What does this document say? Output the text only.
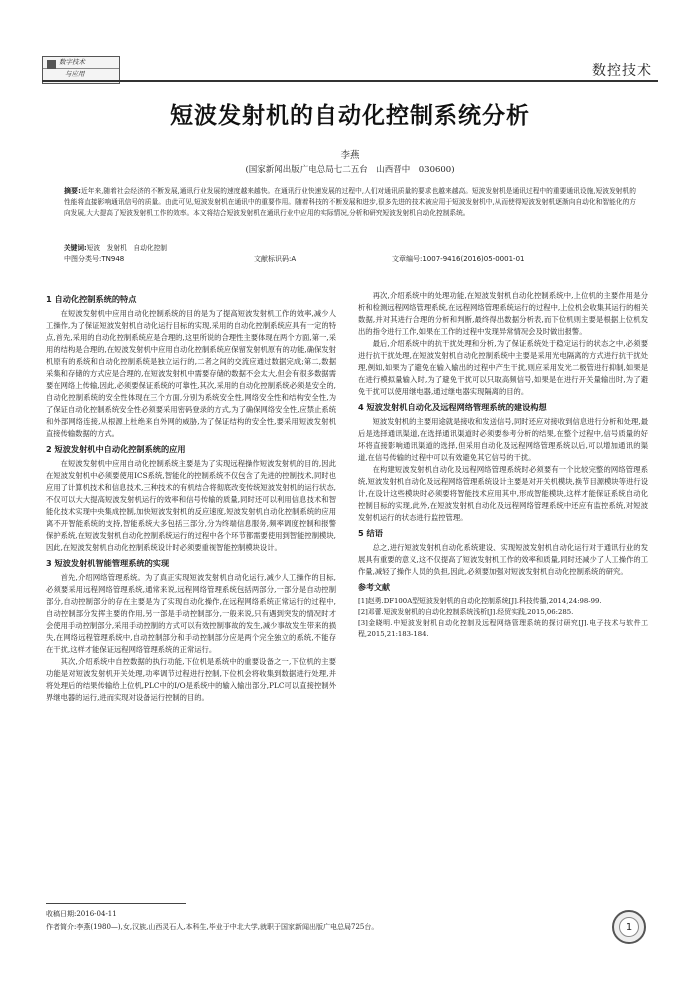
数字技术
与应用	数控技术
短波发射机的自动化控制系统分析
李燕
(国家新闻出版广电总局七二五台　山西晋中　030600)
摘要:近年来,随着社会经济的不断发展,通讯行业发展的速度越来越快。在通讯行业快速发展的过程中,人们对通讯质量的要求也越来越高。短波发射机是通讯过程中的重要通讯设施,短波发射机的性能将直接影响通讯信号的质量。由此可见,短波发射机在通讯中的重要作用。随着科技的不断发展和进步,很多先进的技术被应用于短波发射机中,从而使得短波发射机逐渐向自动化和智能化的方向发展,大大提高了短波发射机工作的效率。本文将结合短波发射机在通讯行业中应用的实际情况,分析和研究短波发射机自动化控制系统。
关键词:短波　发射机　自动化控制
中图分类号:TN948	文献标识码:A	文章编号:1007-9416(2016)05-0001-01
1 自动化控制系统的特点

在短波发射机中应用自动化控制系统的目的是为了提高短波发射机工作的效率,减少人工操作,为了保证短波发射机自动化运行目标的实现,采用的自动化控制系统应具有一定的特点,首先,采用的自动化控制系统应是合理的,这里所说的合理性主要体现在两个方面,第一,采用的结构是合理的,在短波发射机中应用自动化控制系统应保留发射机原有的功能,确保发射机原有的系统和自动化控制系统是独立运行的,二者之间的交流应通过数据完成;第二,数据采集和存储的方式应是合理的,在短波发射机中需要存储的数据不会太大,但会有很多数据需要在网络上传输,因此,必须要保证系统的可靠性,其次,采用的自动化控制系统必须是安全的,自动化控制系统的安全性体现在三个方面,分别为系统安全性,网络安全性和结构安全性,为了保证自动化控制系统安全性必须要采用密码登录的方式,为了确保网络安全性,应禁止系统和外部网络连接,从根源上杜绝来自外网的威胁,为了保证结构的安全性,要采用短波发射机直接传输数据的方式。

2 短波发射机中自动化控制系统的应用

在短波发射机中应用自动化控制系统主要是为了实现远程操作短波发射机的目的,因此在短波发射机中必须要使用ICS系统,智能化的控制系统不仅包含了先进的控制技术,同时也应用了计算机技术和信息技术,三种技术的有机结合将彻底改变传统短波发射机的运行状态,不仅可以大大提高短波发射机运行的效率和信号传输的质量,同时还可以利用信息技术和智能化技术实现中央集成控制,加快短波发射机的反应速度,短波发射机自动化控制系统的应用离不开智能系统的支持,智能系统大多包括三部分,分为终端信息服务,频率调度控制和报警保护系统,在短波发射机自动化控制系统运行的过程中各个环节都需要使用到智能控制模块,因此,在短波发射机自动化控制系统设计时必须要重视智能控制模块设计。

3 短波发射机智能管理系统的实现

首先,介绍网络管理系统。为了真正实现短波发射机自动化运行,减少人工操作的目标,必须要采用远程网络管理系统,通常来说,远程网络管理系统包括两部分,一部分是自动控制部分,自动控制部分的存在主要是为了实现自动化操作,在远程网络系统正常运行的过程中,自动控制部分发挥主要的作用,另一部是手动控制部分,一般来说,只有遇到突发的情况时才会使用手动控制部分,采用手动控制的方式可以有效控制事故的发生,减少事故发生带来的损失,在网络远程管理系统中,自动控制部分和手动控制部分应是两个完全独立的系统,不能存在干扰,这样才能保证远程网络管理系统的正常运行。

其次,介绍系统中自控数据的执行功能,下位机是系统中的重要设备之一,下位机的主要功能是对短波发射机开关处理,功率调节过程进行控制,下位机会将收集到数据进行处理,并将处理后的结果传输给上位机,PLC中的I/O是系统中的输入输出部分,PLC可以直接控制外界继电器的运行,进而实现对设备运行控制的目的。

再次,介绍系统中的处理功能,在短波发射机自动化控制系统中,上位机的主要作用是分析和检测远程网络管理系统,在远程网络管理系统运行的过程中,上位机会收集其运行的相关数据,并对其进行合理的分析和判断,最终得出数据分析表,而下位机则主要是根据上位机发出的指令进行工作,如果在工作的过程中发现异常情况会及时做出报警。

最后,介绍系统中的抗干扰处理和分析,为了保证系统处于稳定运行的状态之中,必须要进行抗干扰处理,在短波发射机自动化控制系统中主要是采用光电隔离的方式进行抗干扰处理,例如,如果为了避免在输入输出的过程中产生干扰,则应采用发光二极管进行抑制,如果是在进行模拟量输入时,为了避免干扰可以只取高频信号,如果是在进行开关量输出时,为了避免干扰可以使用继电器,通过继电器实现隔离的目的。

4 短波发射机自动化及远程网络管理系统的建设构想

短波发射机的主要用途就是接收和发送信号,同时还应对接收到信息进行分析和处理,最后是选择通讯渠道,在选择通讯渠道时必须要参考分析的结果,在整个过程中,信号质量的好坏将直接影响通讯渠道的选择,但采用自动化及远程网络管理系统以后,可以增加通讯的渠道,在信号传输的过程中可以有效避免其它信号的干扰。

在构建短波发射机自动化及远程网络管理系统时必须要有一个比较完整的网络管理系统,短波发射机自动化及远程网络管理系统设计主要是对开关机模块,换节目源模块等进行设计,在设计这些模块时必须要将智能技术应用其中,形成智能模块,这样才能保证系统自动化控制目标的实现,此外,在短波发射机自动化及远程网络管理系统中还应有监控系统,对短波发射机运行的状态进行监控管理。

5 结语

总之,进行短波发射机自动化系统建设、实现短波发射机自动化运行对于通讯行业的发展具有重要的意义,这不仅提高了短波发射机工作的效率和质量,同时还减少了人工操作的工作量,减轻了操作人员的负担,因此,必须要加强对短波发射机自动化控制系统的研究。

参考文献
[1]赵勇.DF100A型短波发射机的自动化控制系统[J].科技传播,2014,24:98-99.
[2]邓蕾.短波发射机的自动化控制系统浅析[J].经贸实践,2015,06:285.
[3]金晓明.中短波发射机自动化控制及远程网络管理系统的探讨研究[J].电子技术与软件工程,2015,21:183-184.
收稿日期:2016-04-11
作者简介:李燕(1980—),女,汉族,山西灵石人,本科生,毕业于中北大学,就职于国家新闻出版广电总局725台。	1
